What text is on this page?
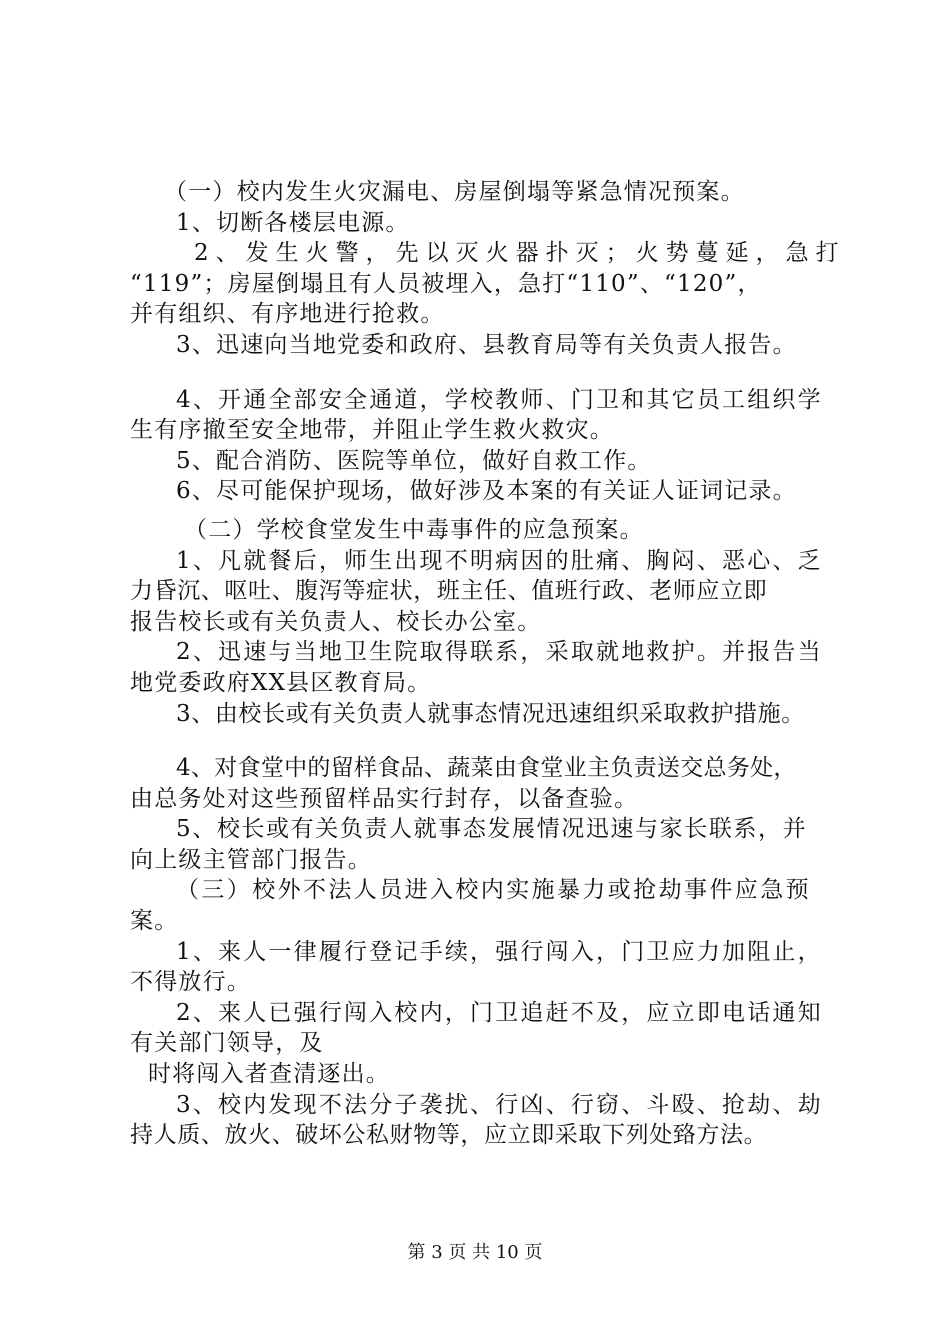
（一）校内发生火灾漏电、房屋倒塌等紧急情况预案。
1、切断各楼层电源。
2、发生火警，先以灭火器扑灭；火势蔓延，急打
“119”；房屋倒塌且有人员被埋入，急打“110”、“120”，
并有组织、有序地进行抢救。
3、迅速向当地党委和政府、县教育局等有关负责人报告。
4、开通全部安全通道，学校教师、门卫和其它员工组织学
生有序撤至安全地带，并阻止学生救火救灾。
5、配合消防、医院等单位，做好自救工作。
6、尽可能保护现场，做好涉及本案的有关证人证词记录。
（二）学校食堂发生中毒事件的应急预案。
1、凡就餐后，师生出现不明病因的肚痛、胸闷、恶心、乏
力昏沉、呕吐、腹泻等症状，班主任、值班行政、老师应立即
报告校长或有关负责人、校长办公室。
2、迅速与当地卫生院取得联系，采取就地救护。并报告当
地党委政府XX县区教育局。
3、由校长或有关负责人就事态情况迅速组织采取救护措施。
4、对食堂中的留样食品、蔬菜由食堂业主负责送交总务处，
由总务处对这些预留样品实行封存，以备查验。
5、校长或有关负责人就事态发展情况迅速与家长联系，并
向上级主管部门报告。
（三）校外不法人员进入校内实施暴力或抢劫事件应急预
案。
1、来人一律履行登记手续，强行闯入，门卫应力加阻止，
不得放行。
2、来人已强行闯入校内，门卫追赶不及，应立即电话通知
有关部门领导，及
时将闯入者查清逐出。
3、校内发现不法分子袭扰、行凶、行窃、斗殴、抢劫、劫
持人质、放火、破坏公私财物等，应立即采取下列处臵方法。
第 3 页 共 10 页
